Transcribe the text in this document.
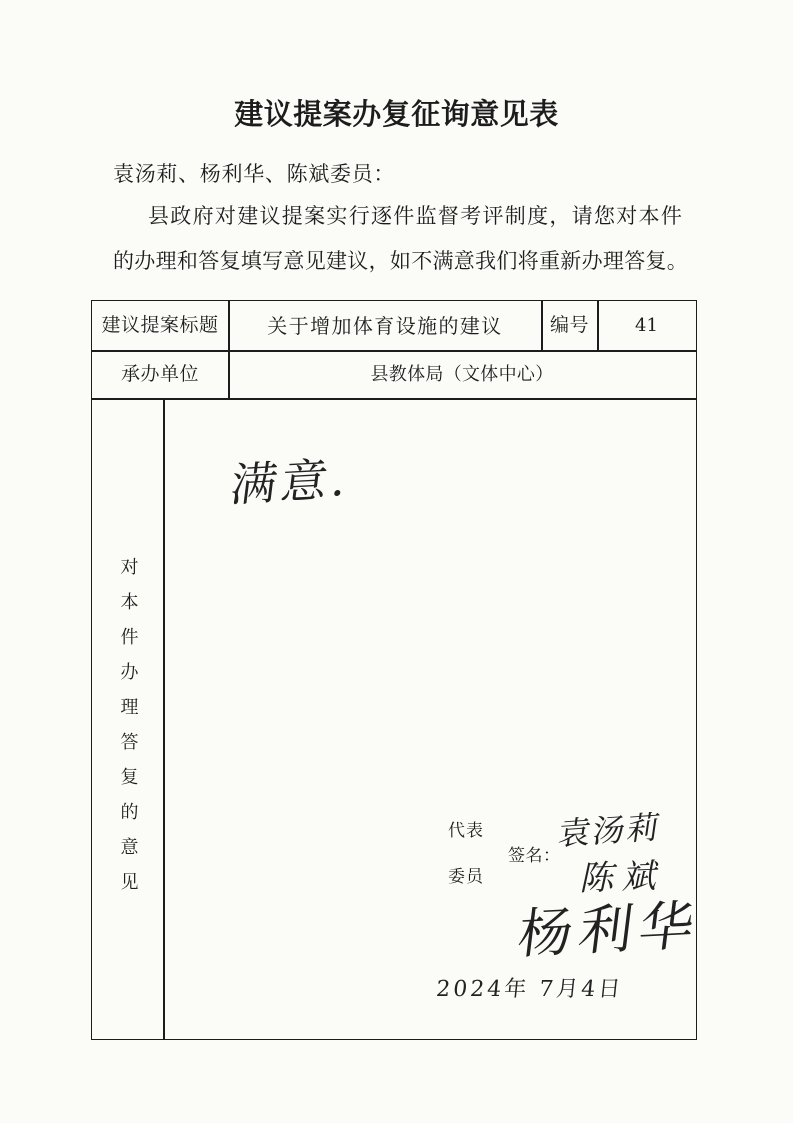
建议提案办复征询意见表
袁汤莉、杨利华、陈斌委员：
县政府对建议提案实行逐件监督考评制度，请您对本件
的办理和答复填写意见建议，如不满意我们将重新办理答复。
建议提案标题	关于增加体育设施的建议	编号	41
承办单位	县教体局（文体中心）
对本件办理答复的意见
满意.
代表
委员
签名：
袁汤莉
陈斌
杨利华
2024年 7月4日
